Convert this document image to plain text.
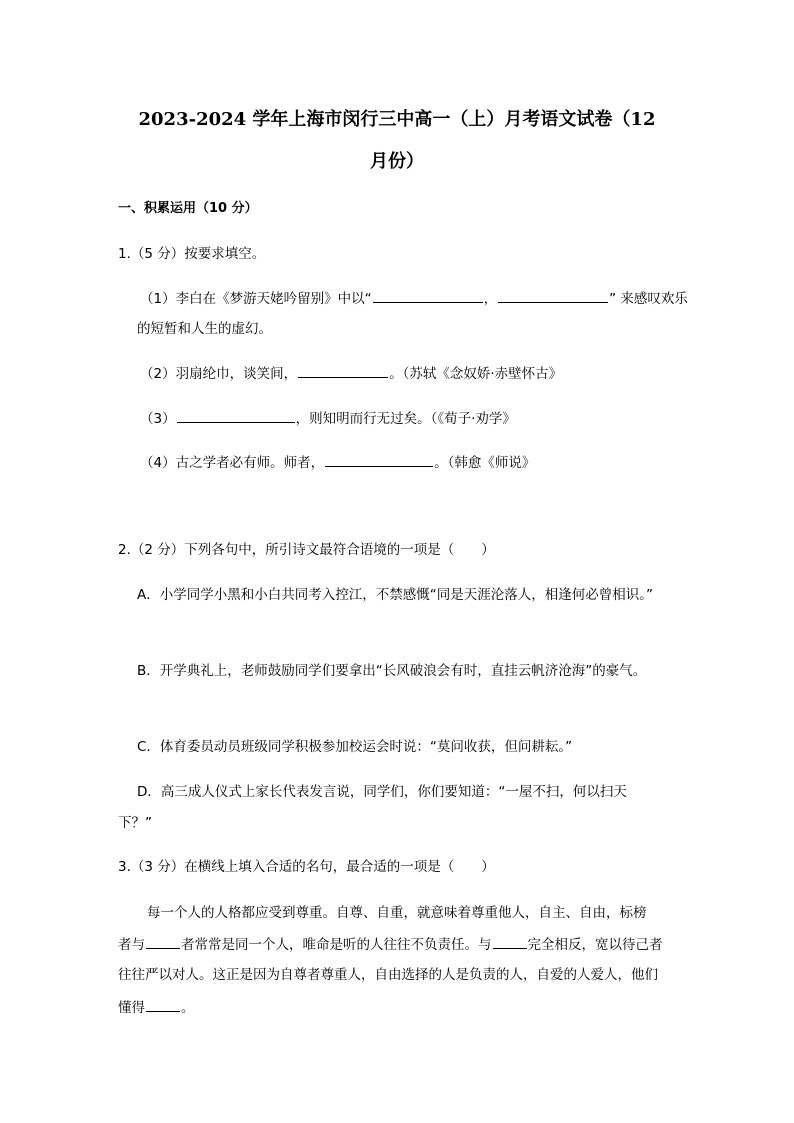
2023-2024 学年上海市闵行三中高一（上）月考语文试卷（12
月份）
一、积累运用（10 分）
1.（5 分）按要求填空。
（1）李白在《梦游天姥吟留别》中以“	，	” 来感叹欢乐
的短暂和人生的虚幻。
（2）羽扇纶巾，谈笑间，	。（苏轼《念奴娇·赤壁怀古》
（3）	，则知明而行无过矣。（《荀子·劝学》
（4）古之学者必有师。师者，	。（韩愈《师说》
2.（2 分）下列各句中，所引诗文最符合语境的一项是（　　）
A．小学同学小黑和小白共同考入控江，不禁感慨“同是天涯沦落人，相逢何必曾相识。”
B．开学典礼上，老师鼓励同学们要拿出“长风破浪会有时，直挂云帆济沧海”的豪气。
C．体育委员动员班级同学积极参加校运会时说：“莫问收获，但问耕耘。”
D．高三成人仪式上家长代表发言说，同学们，你们要知道：“一屋不扫，何以扫天
下？”
3.（3 分）在横线上填入合适的名句，最合适的一项是（　　）
每一个人的人格都应受到尊重。自尊、自重，就意味着尊重他人，自主、自由，标榜
者与	者常常是同一个人，唯命是听的人往往不负责任。与	完全相反，宽以待己者
往往严以对人。这正是因为自尊者尊重人，自由选择的人是负责的人，自爱的人爱人，他们
懂得	。
